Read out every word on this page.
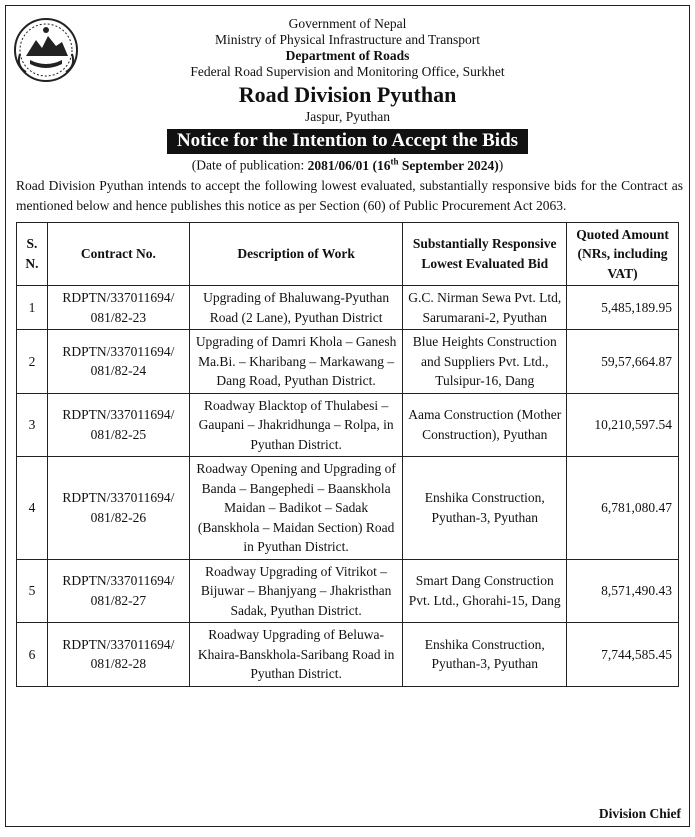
Government of Nepal
Ministry of Physical Infrastructure and Transport
Department of Roads
Federal Road Supervision and Monitoring Office, Surkhet
Road Division Pyuthan
Jaspur, Pyuthan
Notice for the Intention to Accept the Bids
(Date of publication: 2081/06/01 (16th September 2024))
Road Division Pyuthan intends to accept the following lowest evaluated, substantially responsive bids for the Contract as mentioned below and hence publishes this notice as per Section (60) of Public Procurement Act 2063.
S. N.	Contract No.	Description of Work	Substantially Responsive Lowest Evaluated Bid	Quoted Amount (NRs, including VAT)
1	RDPTN/337011694/ 081/82-23	Upgrading of Bhaluwang-Pyuthan Road (2 Lane), Pyuthan District	G.C. Nirman Sewa Pvt. Ltd, Sarumarani-2, Pyuthan	5,485,189.95
2	RDPTN/337011694/ 081/82-24	Upgrading of Damri Khola – Ganesh Ma.Bi. – Kharibang – Markawang – Dang Road, Pyuthan District.	Blue Heights Construction and Suppliers Pvt. Ltd., Tulsipur-16, Dang	59,57,664.87
3	RDPTN/337011694/ 081/82-25	Roadway Blacktop of Thulabesi – Gaupani – Jhakridhunga – Rolpa, in Pyuthan District.	Aama Construction (Mother Construction), Pyuthan	10,210,597.54
4	RDPTN/337011694/ 081/82-26	Roadway Opening and Upgrading of Banda – Bangephedi – Baanskhola Maidan – Badikot – Sadak (Banskhola – Maidan Section) Road in Pyuthan District.	Enshika Construction, Pyuthan-3, Pyuthan	6,781,080.47
5	RDPTN/337011694/ 081/82-27	Roadway Upgrading of Vitrikot – Bijuwar – Bhanjyang – Jhakristhan Sadak, Pyuthan District.	Smart Dang Construction Pvt. Ltd., Ghorahi-15, Dang	8,571,490.43
6	RDPTN/337011694/ 081/82-28	Roadway Upgrading of Beluwa-Khaira-Banskhola-Saribang Road in Pyuthan District.	Enshika Construction, Pyuthan-3, Pyuthan	7,744,585.45
Division Chief
